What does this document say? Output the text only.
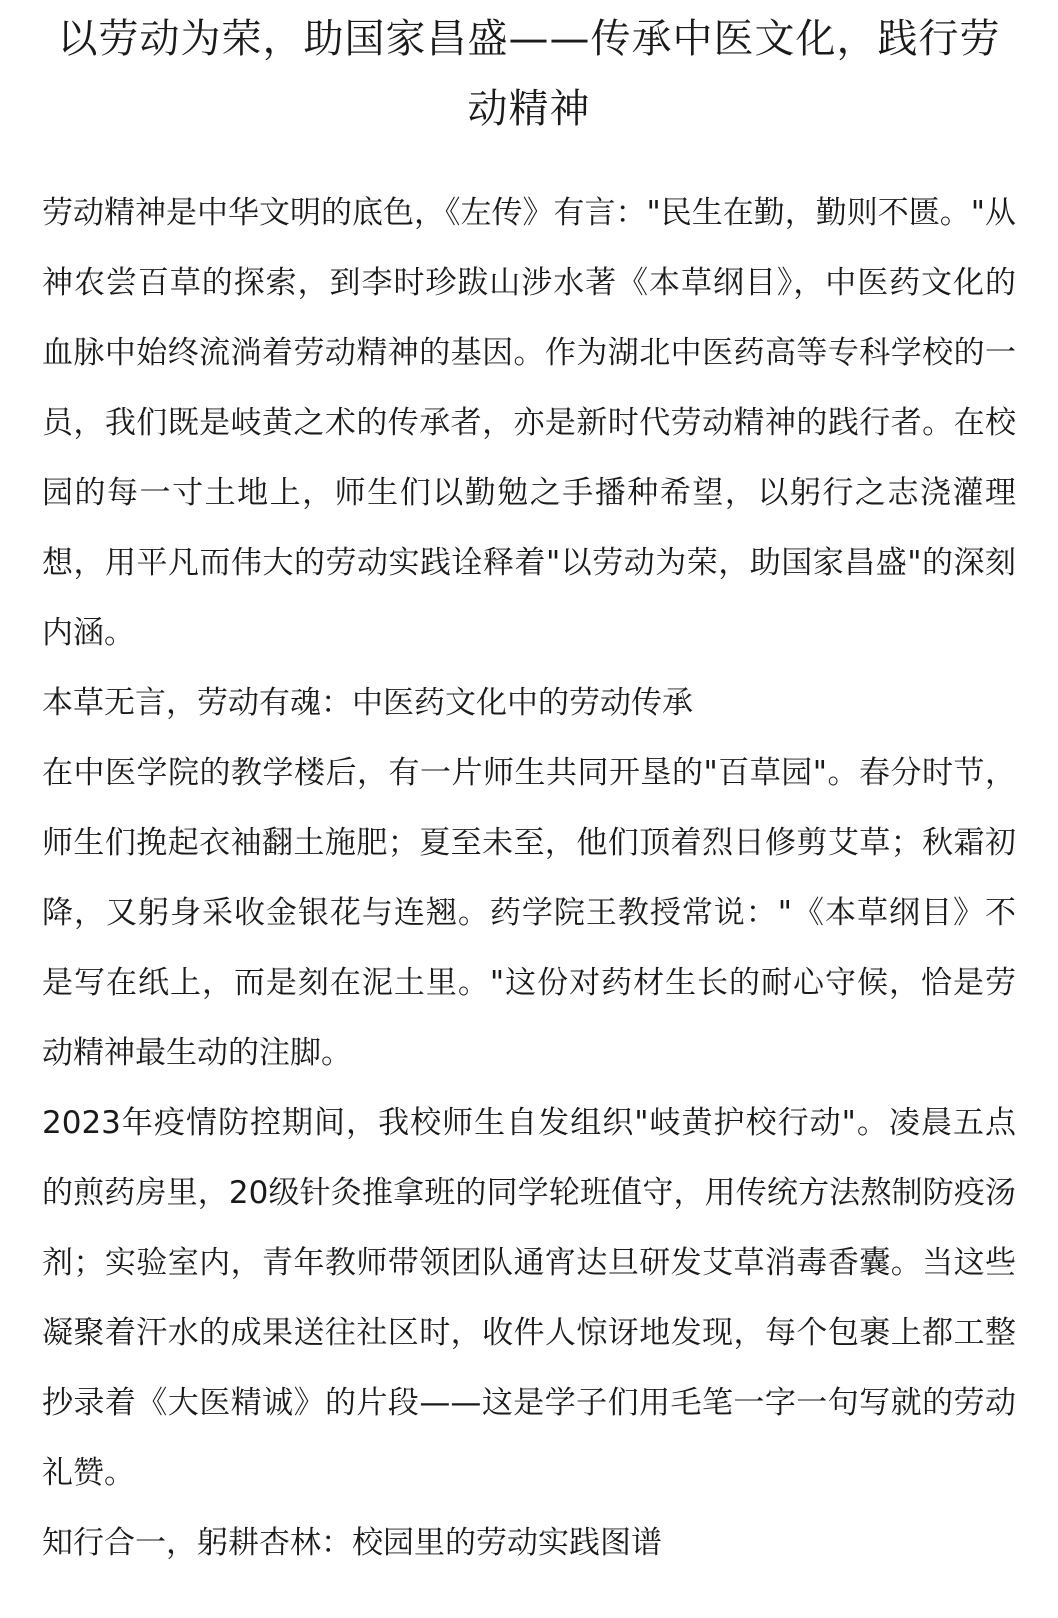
以劳动为荣，助国家昌盛——传承中医文化，践行劳动精神

劳动精神是中华文明的底色，《左传》有言："民生在勤，勤则不匮。"从神农尝百草的探索，到李时珍跋山涉水著《本草纲目》，中医药文化的血脉中始终流淌着劳动精神的基因。作为湖北中医药高等专科学校的一员，我们既是岐黄之术的传承者，亦是新时代劳动精神的践行者。在校园的每一寸土地上，师生们以勤勉之手播种希望，以躬行之志浇灌理想，用平凡而伟大的劳动实践诠释着"以劳动为荣，助国家昌盛"的深刻内涵。

本草无言，劳动有魂：中医药文化中的劳动传承

在中医学院的教学楼后，有一片师生共同开垦的"百草园"。春分时节，师生们挽起衣袖翻土施肥；夏至未至，他们顶着烈日修剪艾草；秋霜初降，又躬身采收金银花与连翘。药学院王教授常说："《本草纲目》不是写在纸上，而是刻在泥土里。"这份对药材生长的耐心守候，恰是劳动精神最生动的注脚。

2023年疫情防控期间，我校师生自发组织"岐黄护校行动"。凌晨五点的煎药房里，20级针灸推拿班的同学轮班值守，用传统方法熬制防疫汤剂；实验室内，青年教师带领团队通宵达旦研发艾草消毒香囊。当这些凝聚着汗水的成果送往社区时，收件人惊讶地发现，每个包裹上都工整抄录着《大医精诚》的片段——这是学子们用毛笔一字一句写就的劳动礼赞。

知行合一，躬耕杏林：校园里的劳动实践图谱
